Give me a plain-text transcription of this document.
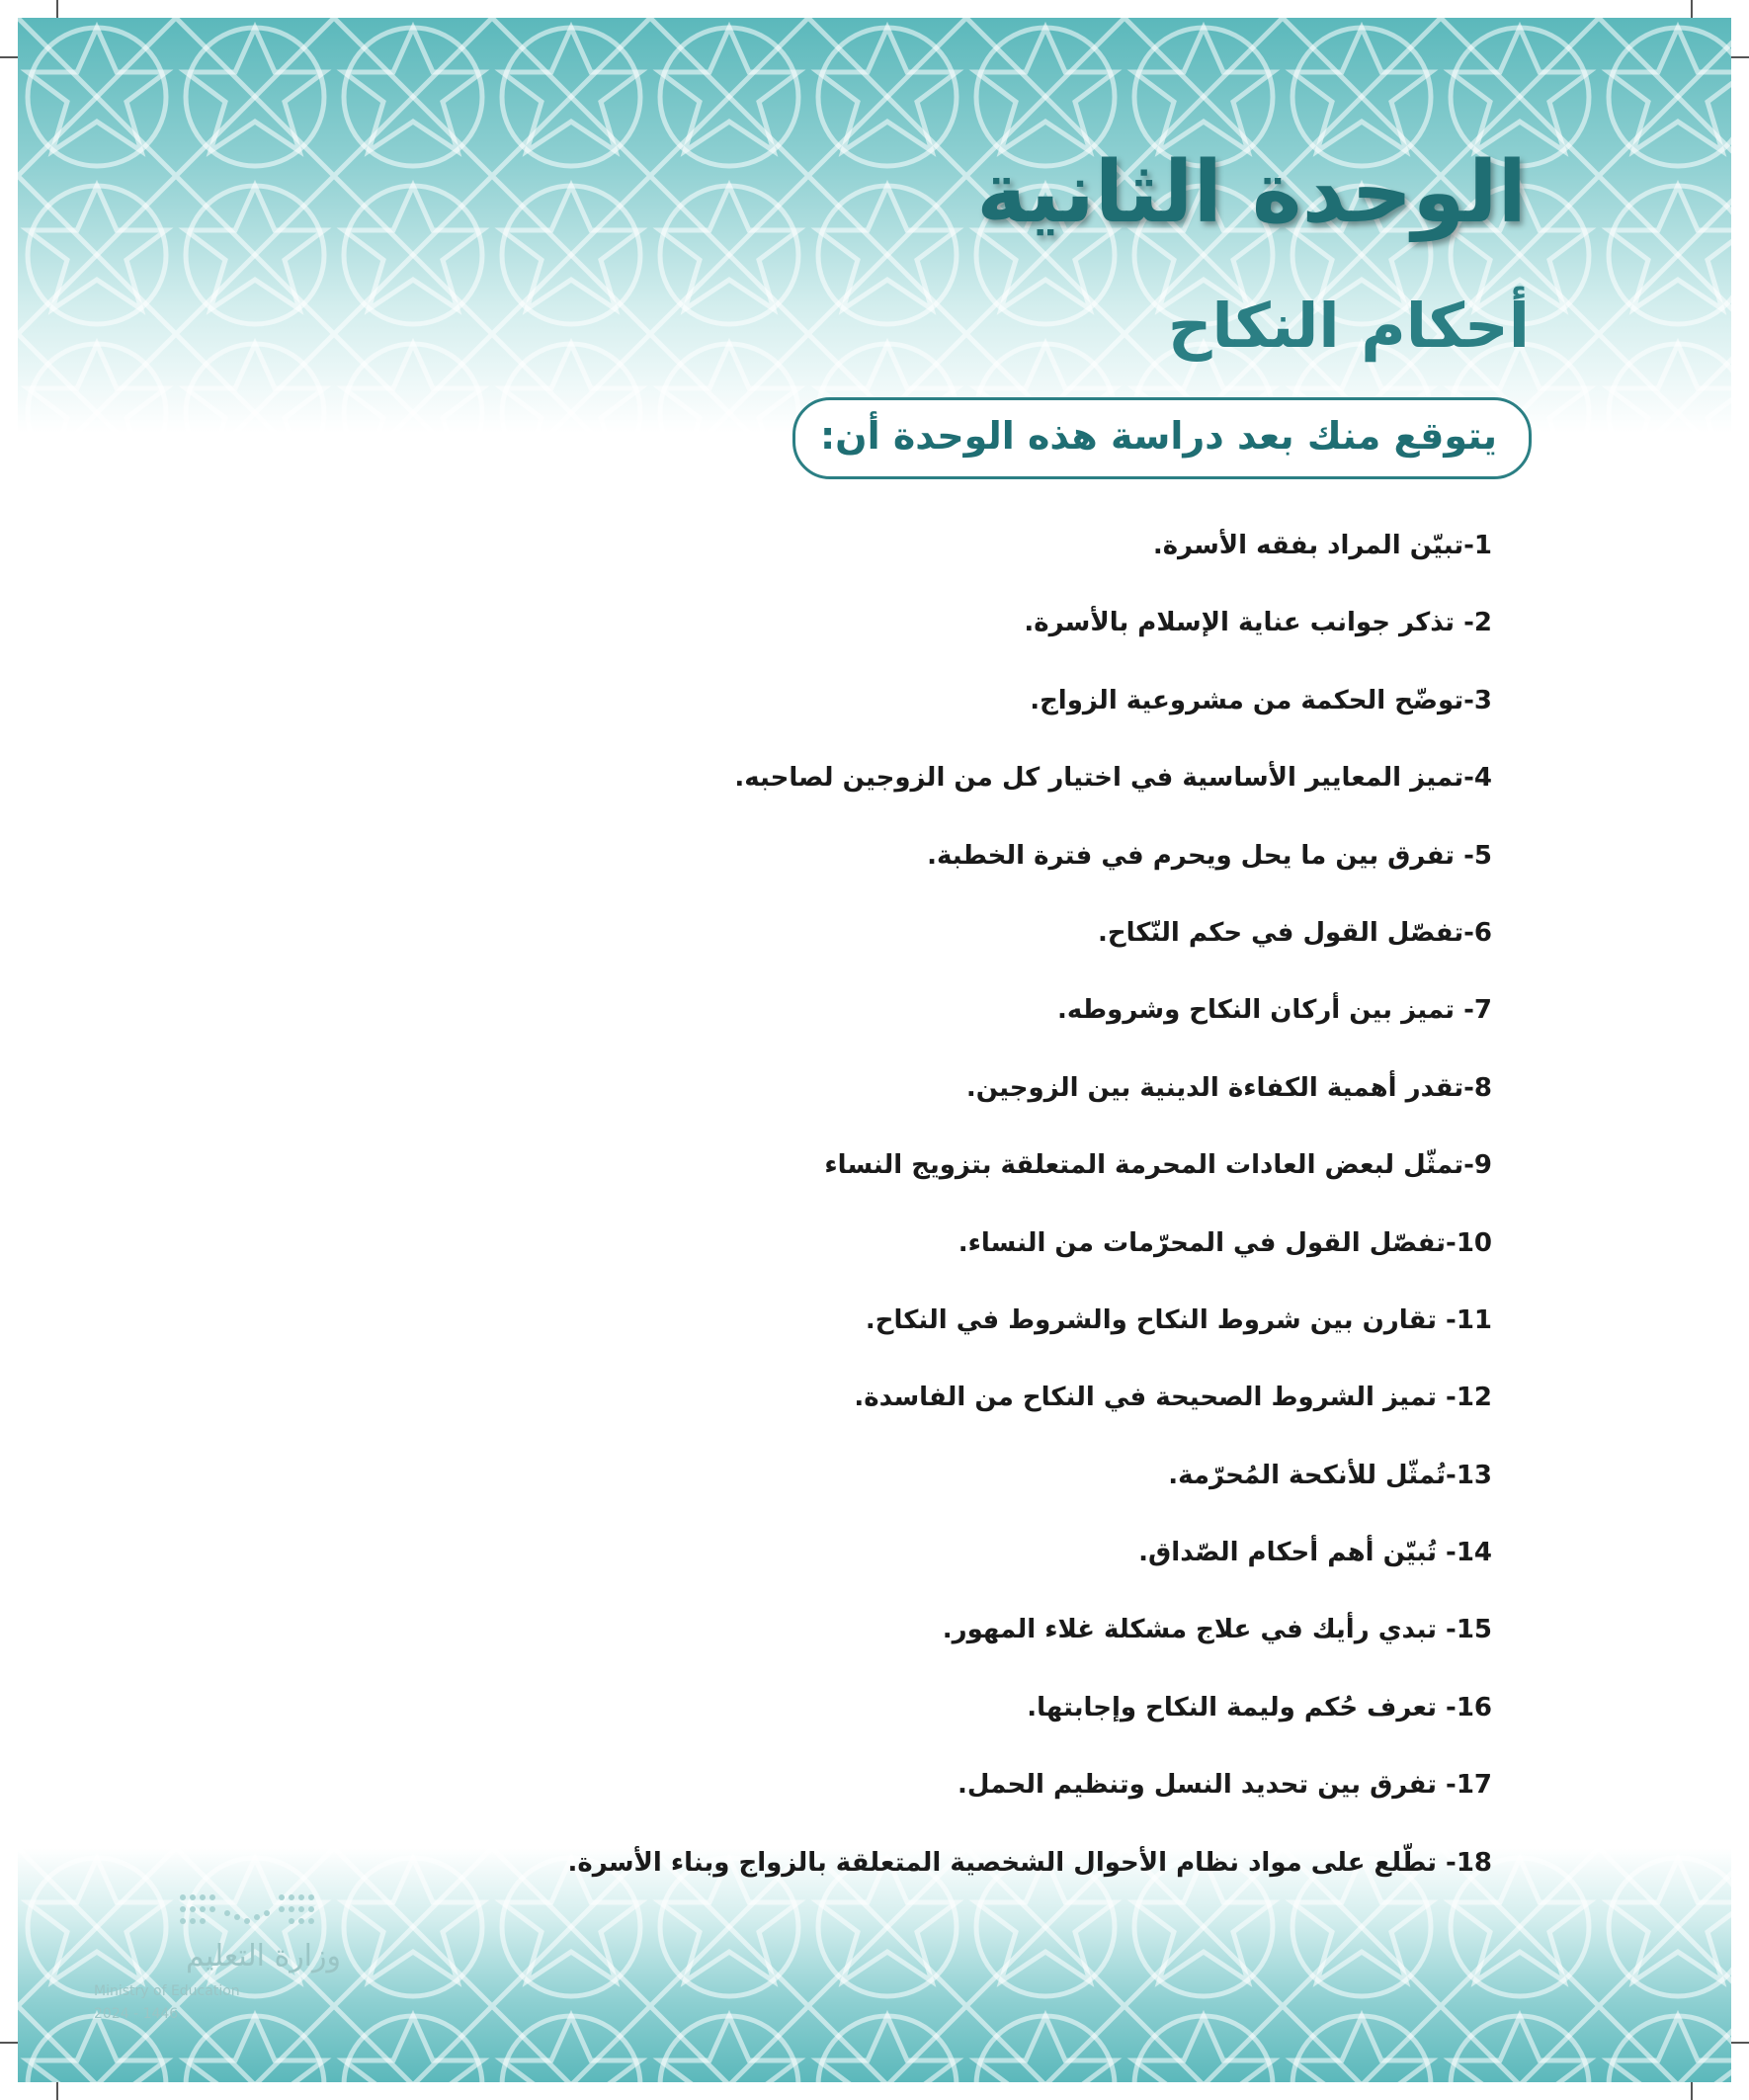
الوحدة الثانية
أحكام النكاح
يتوقع منك بعد دراسة هذه الوحدة أن:
1-تبيّن المراد بفقه الأسرة.
2- تذكر جوانب عناية الإسلام بالأسرة.
3-توضّح الحكمة من مشروعية الزواج.
4-تميز المعايير الأساسية في اختيار كل من الزوجين لصاحبه.
5- تفرق بين ما يحل ويحرم في فترة الخطبة.
6-تفصّل القول في حكم النّكاح.
7- تميز بين أركان النكاح وشروطه.
8-تقدر أهمية الكفاءة الدينية بين الزوجين.
9-تمثّل لبعض العادات المحرمة المتعلقة بتزويج النساء
10-تفصّل القول في المحرّمات من النساء.
11- تقارن بين شروط النكاح والشروط في النكاح.
12- تميز الشروط الصحيحة في النكاح من الفاسدة.
13-تُمثّل للأنكحة المُحرّمة.
14- تُبيّن أهم أحكام الصّداق.
15- تبدي رأيك في علاج مشكلة غلاء المهور.
16- تعرف حُكم وليمة النكاح وإجابتها.
17- تفرق بين تحديد النسل وتنظيم الحمل.
18- تطّلع على مواد نظام الأحوال الشخصية المتعلقة بالزواج وبناء الأسرة.
وزارة التعليم
Ministry of Education
2024 - 1446
